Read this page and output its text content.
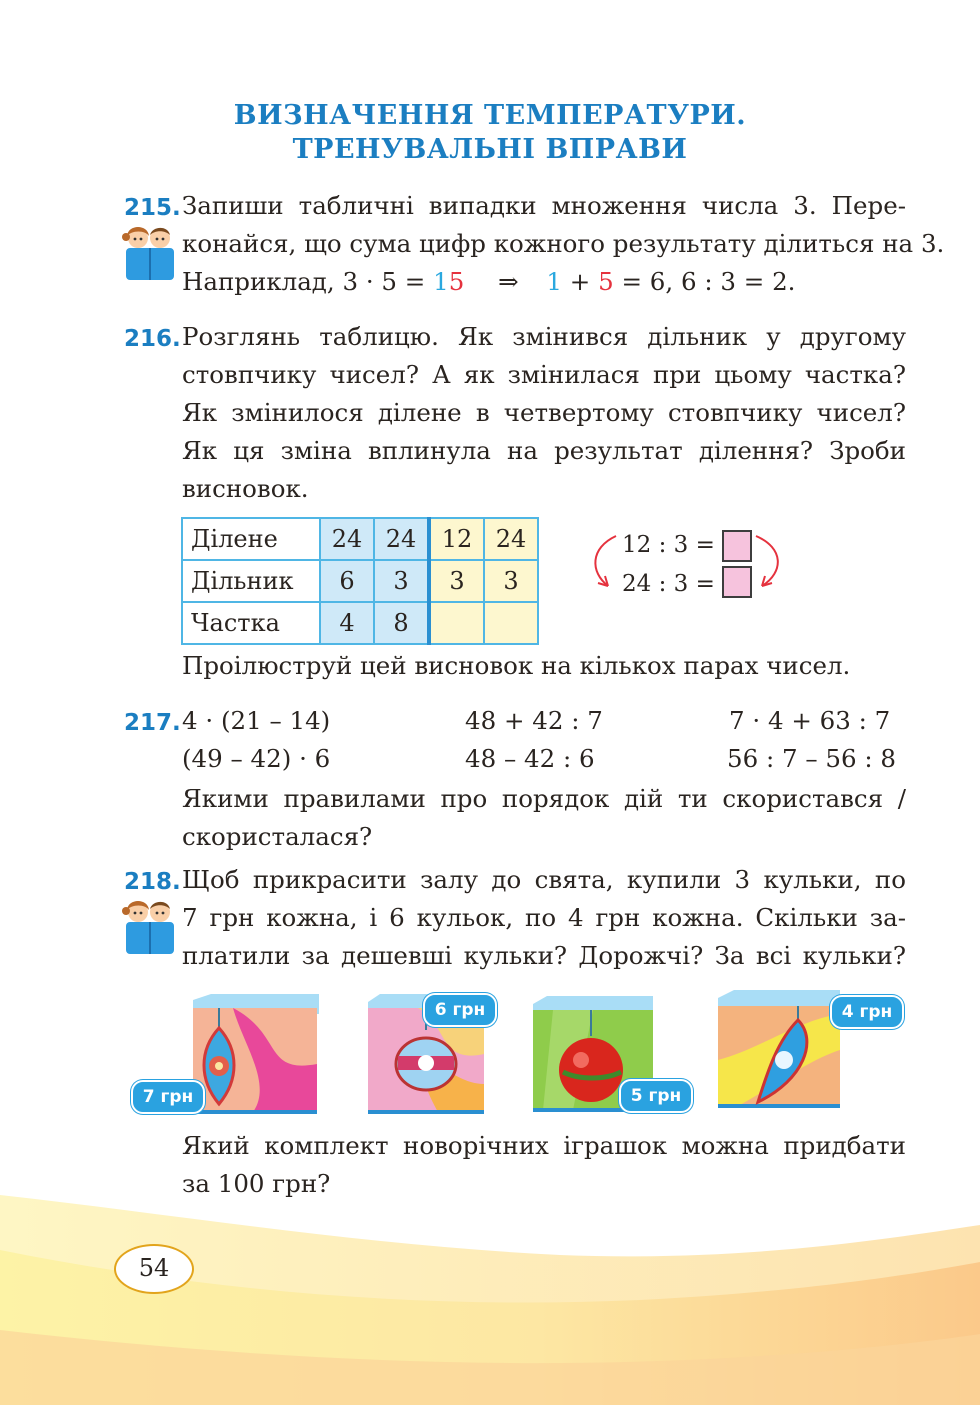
ВИЗНАЧЕННЯ ТЕМПЕРАТУРИ.
ТРЕНУВАЛЬНІ ВПРАВИ
215. Запиши табличні випадки множення числа 3. Пере-
конайся, що сума цифр кожного результату ділиться на 3.
Наприклад, 3 · 5 = 15 ⇒ 1 + 5 = 6, 6 : 3 = 2.
216. Розглянь таблицю. Як змінився дільник у другому
стовпчику чисел? А як змінилася при цьому частка?
Як змінилося ділене в четвертому стовпчику чисел?
Як ця зміна вплинула на результат ділення? Зроби
висновок.
Ділене	24	24	12	24
Дільник	6	3	3	3
Частка	4	8		
12 : 3 =
24 : 3 =
Проілюструй цей висновок на кількох парах чисел.
217. 4 · (21 – 14)	48 + 42 : 7	7 · 4 + 63 : 7
(49 – 42) · 6	48 – 42 : 6	56 : 7 – 56 : 8
Якими правилами про порядок дій ти скористався /
скористалася?
218. Щоб прикрасити залу до свята, купили 3 кульки, по
7 грн кожна, і 6 кульок, по 4 грн кожна. Скільки за-
платили за дешевші кульки? Дорожчі? За всі кульки?
7 грн
6 грн
5 грн
4 грн
Який комплект новорічних іграшок можна придбати
за 100 грн?
54
